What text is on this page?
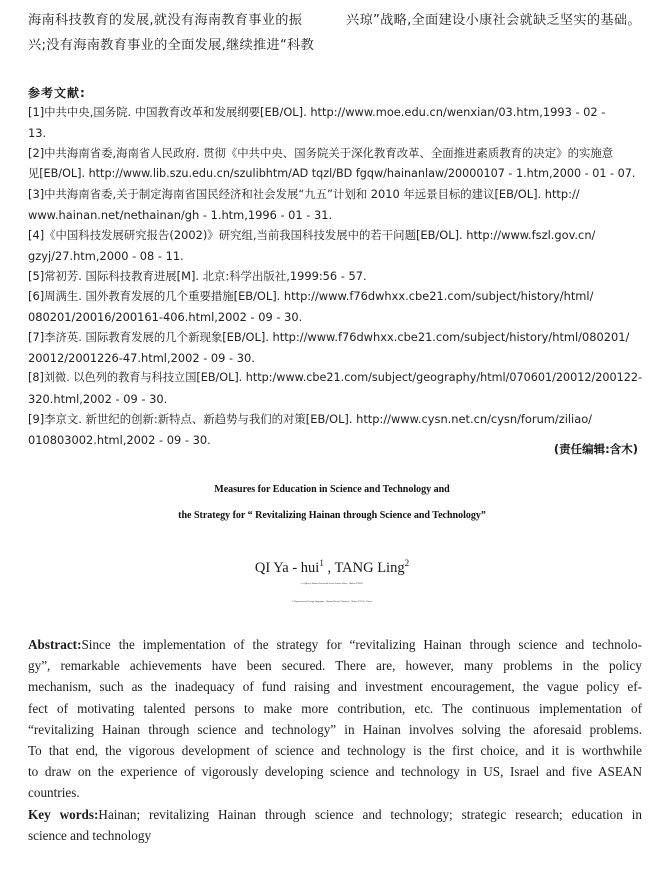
海南科技教育的发展,就没有海南教育事业的振
兴;没有海南教育事业的全面发展,继续推进“科教
兴琼”战略,全面建设小康社会就缺乏坚实的基础。
参考文献:
[1]中共中央,国务院. 中国教育改革和发展纲要[EB/OL]. http://www.moe.edu.cn/wenxian/03.htm,1993 - 02 -
13.
[2]中共海南省委,海南省人民政府. 贯彻《中共中央、国务院关于深化教育改革、全面推进素质教育的决定》的实施意
见[EB/OL]. http://www.lib.szu.edu.cn/szulibhtm/AD tqzl/BD fgqw/hainanlaw/20000107 - 1.htm,2000 - 01 - 07.
[3]中共海南省委,关于制定海南省国民经济和社会发展“九五”计划和 2010 年远景目标的建议[EB/OL]. http://
www.hainan.net/nethainan/gh - 1.htm,1996 - 01 - 31.
[4]《中国科技发展研究报告(2002)》研究组,当前我国科技发展中的若干问题[EB/OL]. http://www.fszl.gov.cn/
gzyj/27.htm,2000 - 08 - 11.
[5]常初芳. 国际科技教育进展[M]. 北京:科学出版社,1999:56 - 57.
[6]周满生. 国外教育发展的几个重要措施[EB/OL]. http://www.f76dwhxx.cbe21.com/subject/history/html/
080201/20016/200161-406.html,2002 - 09 - 30.
[7]李济英. 国际教育发展的几个新现象[EB/OL]. http://www.f76dwhxx.cbe21.com/subject/history/html/080201/
20012/2001226-47.html,2002 - 09 - 30.
[8]刘微. 以色列的教育与科技立国[EB/OL]. http:/www.cbe21.com/subject/geography/html/070601/20012/200122-
320.html,2002 - 09 - 30.
[9]李京文. 新世纪的创新:新特点、新趋势与我们的对策[EB/OL]. http://www.cysn.net.cn/cysn/forum/ziliao/
010803002.html,2002 - 09 - 30.
(责任编辑:含木)
Measures for Education in Science and Technology and
the Strategy for “ Revitalizing Hainan through Science and Technology”
QI Ya - hui$^1$ , TANG Ling$^2$
(1. Office of Hainan Provincial Social Science Union , Haikou 570203;
2. Department of Foreign Languages , Hainan Normal University , Haikou 571158 , China)
Abstract:Since the implementation of the strategy for “revitalizing Hainan through science and technolo-
gy”, remarkable achievements have been secured. There are, however, many problems in the policy
mechanism, such as the inadequacy of fund raising and investment encouragement, the vague policy ef-
fect of motivating talented persons to make more contribution, etc. The continuous implementation of
“revitalizing Hainan through science and technology” in Hainan involves solving the aforesaid problems.
To that end, the vigorous development of science and technology is the first choice, and it is worthwhile
to draw on the experience of vigorously developing science and technology in US, Israel and five ASEAN
countries.
Key words:Hainan; revitalizing Hainan through science and technology; strategic research; education in
science and technology
